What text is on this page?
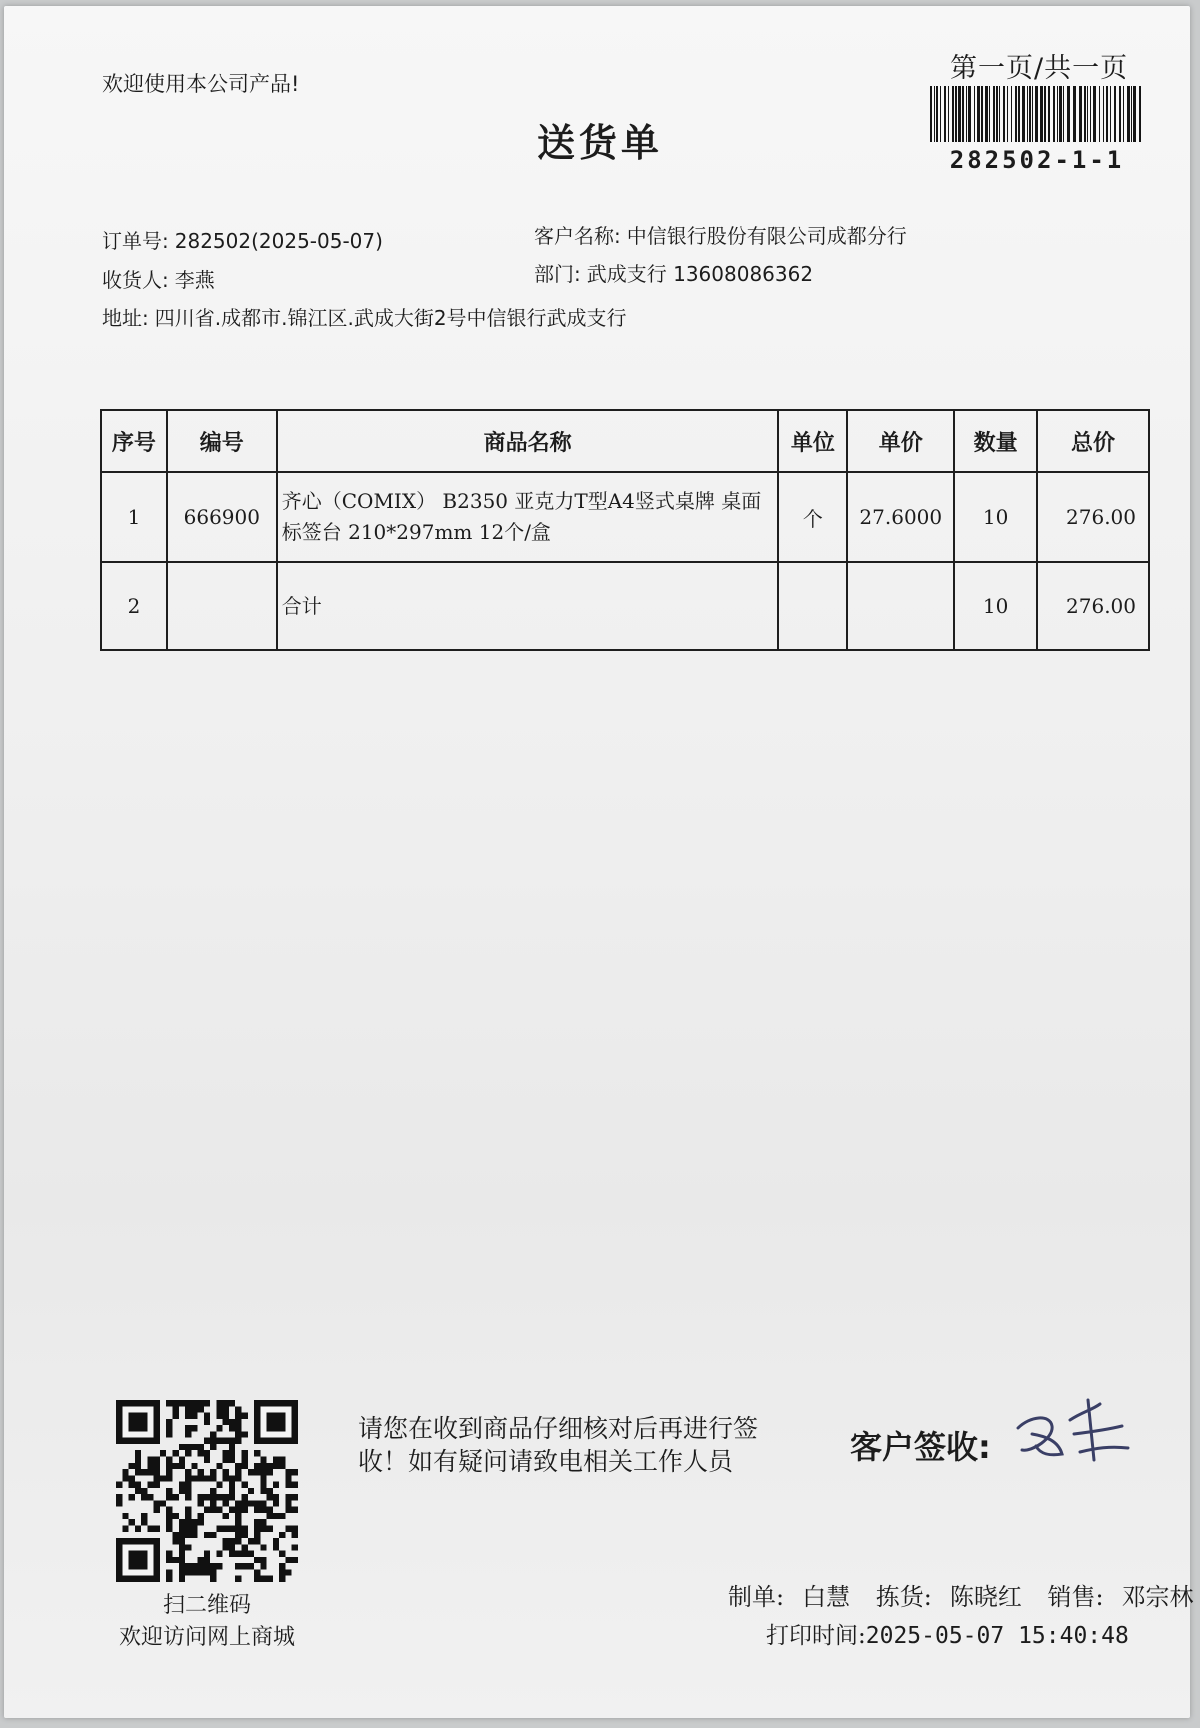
欢迎使用本公司产品!	第一页/共一页
282502-1-1
送货单
订单号: 282502(2025-05-07)	客户名称: 中信银行股份有限公司成都分行
收货人: 李燕	部门: 武成支行 13608086362
地址: 四川省.成都市.锦江区.武成大街2号中信银行武成支行
序号	编号	商品名称	单位	单价	数量	总价
1	666900	齐心（COMIX） B2350 亚克力T型A4竖式桌牌 桌面标签台 210*297mm 12个/盒	个	27.6000	10	276.00
2		合计			10	276.00
扫二维码
欢迎访问网上商城
请您在收到商品仔细核对后再进行签收！如有疑问请致电相关工作人员	客户签收:
制单: 白慧 拣货: 陈晓红 销售: 邓宗林
打印时间:2025-05-07 15:40:48
